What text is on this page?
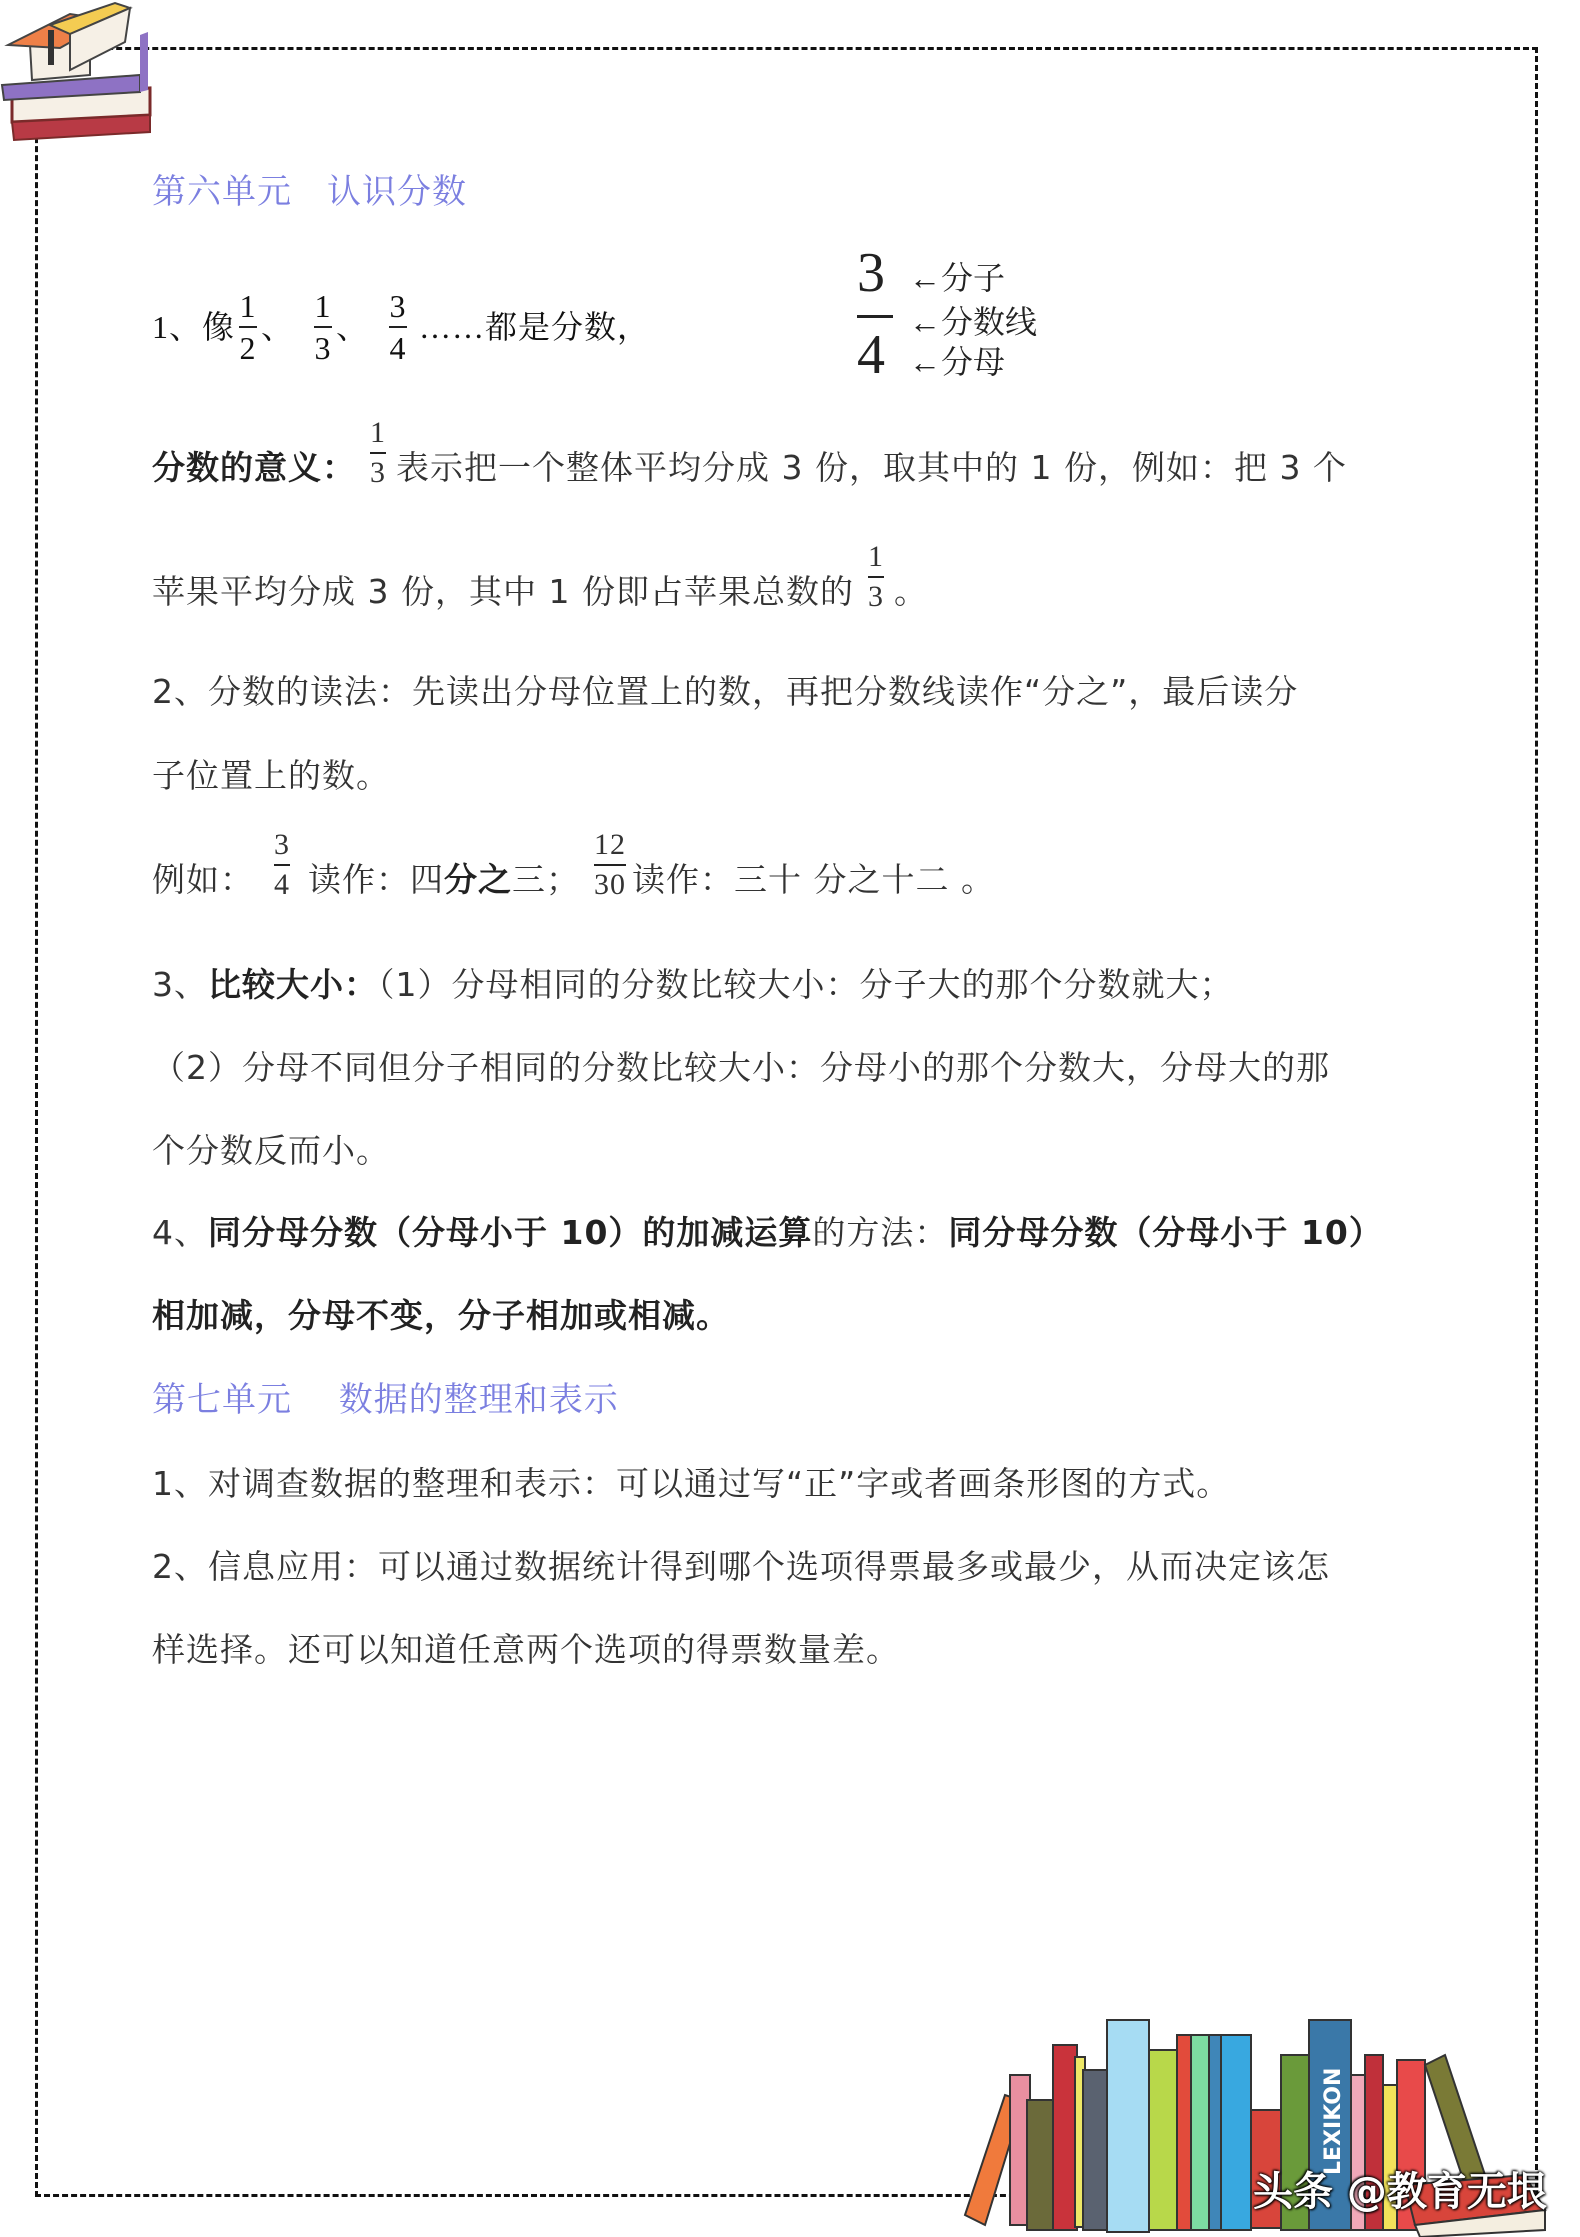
第六单元　认识分数
1、像 $\frac{1}{2}$ 、 $\frac{1}{3}$ 、 $\frac{3}{4}$ ……都是分数，
3
4
←分子
←分数线
←分母
分数的意义： $\frac{1}{3}$ 表示把一个整体平均分成 3 份，取其中的 1 份，例如：把 3 个
苹果平均分成 3 份，其中 1 份即占苹果总数的 $\frac{1}{3}$ 。
2、分数的读法：先读出分母位置上的数，再把分数线读作“分之”，最后读分
子位置上的数。
例如： $\frac{3}{4}$ 读作：四 分之 三； $\frac{12}{30}$ 读作：三十 分之十二 。
3、比较大小：（1）分母相同的分数比较大小：分子大的那个分数就大；
（2）分母不同但分子相同的分数比较大小：分母小的那个分数大，分母大的那
个分数反而小。
4、同分母分数（分母小于 10）的加减运算的方法：同分母分数（分母小于 10）
相加减，分母不变，分子相加或相减。
第七单元　 数据的整理和表示
1、对调查数据的整理和表示：可以通过写“正”字或者画条形图的方式。
2、信息应用：可以通过数据统计得到哪个选项得票最多或最少，从而决定该怎
样选择。还可以知道任意两个选项的得票数量差。
LEXIKON
头条 @教育无垠
